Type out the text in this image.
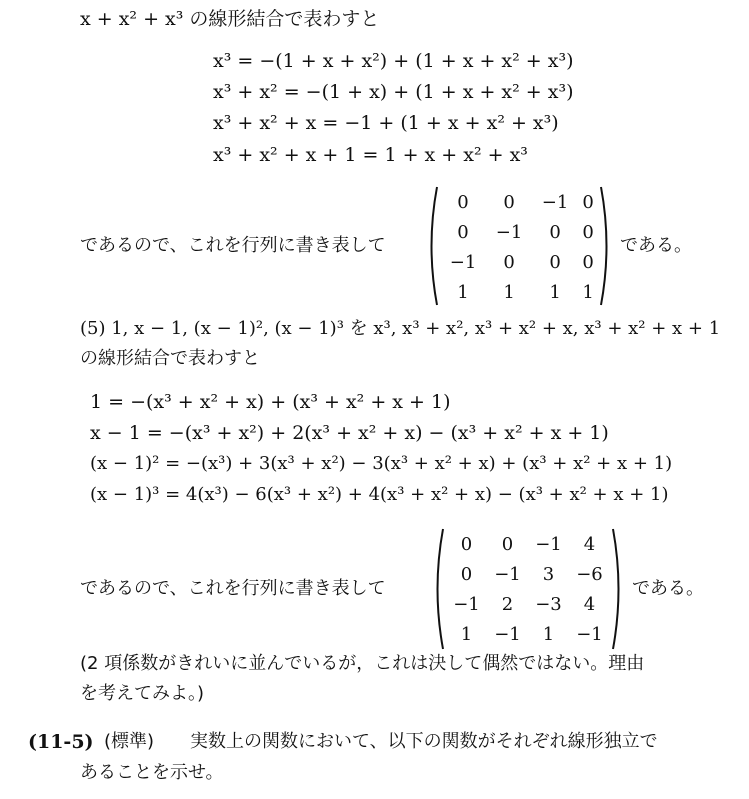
x + x² + x³ の線形結合で表わすと
x³ = −(1 + x + x²) + (1 + x + x² + x³)
x³ + x² = −(1 + x) + (1 + x + x² + x³)
x³ + x² + x = −1 + (1 + x + x² + x³)
x³ + x² + x + 1 = 1 + x + x² + x³
であるので、これを行列に書き表して
0	0	−1	0
0	−1	0	0
−1	0	0	0
1	1	1	1
である。
(5) 1, x − 1, (x − 1)², (x − 1)³ を x³, x³ + x², x³ + x² + x, x³ + x² + x + 1
の線形結合で表わすと
1 = −(x³ + x² + x) + (x³ + x² + x + 1)
x − 1 = −(x³ + x²) + 2(x³ + x² + x) − (x³ + x² + x + 1)
(x − 1)² = −(x³) + 3(x³ + x²) − 3(x³ + x² + x) + (x³ + x² + x + 1)
(x − 1)³ = 4(x³) − 6(x³ + x²) + 4(x³ + x² + x) − (x³ + x² + x + 1)
であるので、これを行列に書き表して
0	0	−1	4
0	−1	3	−6
−1	2	−3	4
1	−1	1	−1
である。
(2 項係数がきれいに並んでいるが，これは決して偶然ではない。理由
を考えてみよ。)
(11-5) (標準) 実数上の関数において、以下の関数がそれぞれ線形独立で
あることを示せ。
